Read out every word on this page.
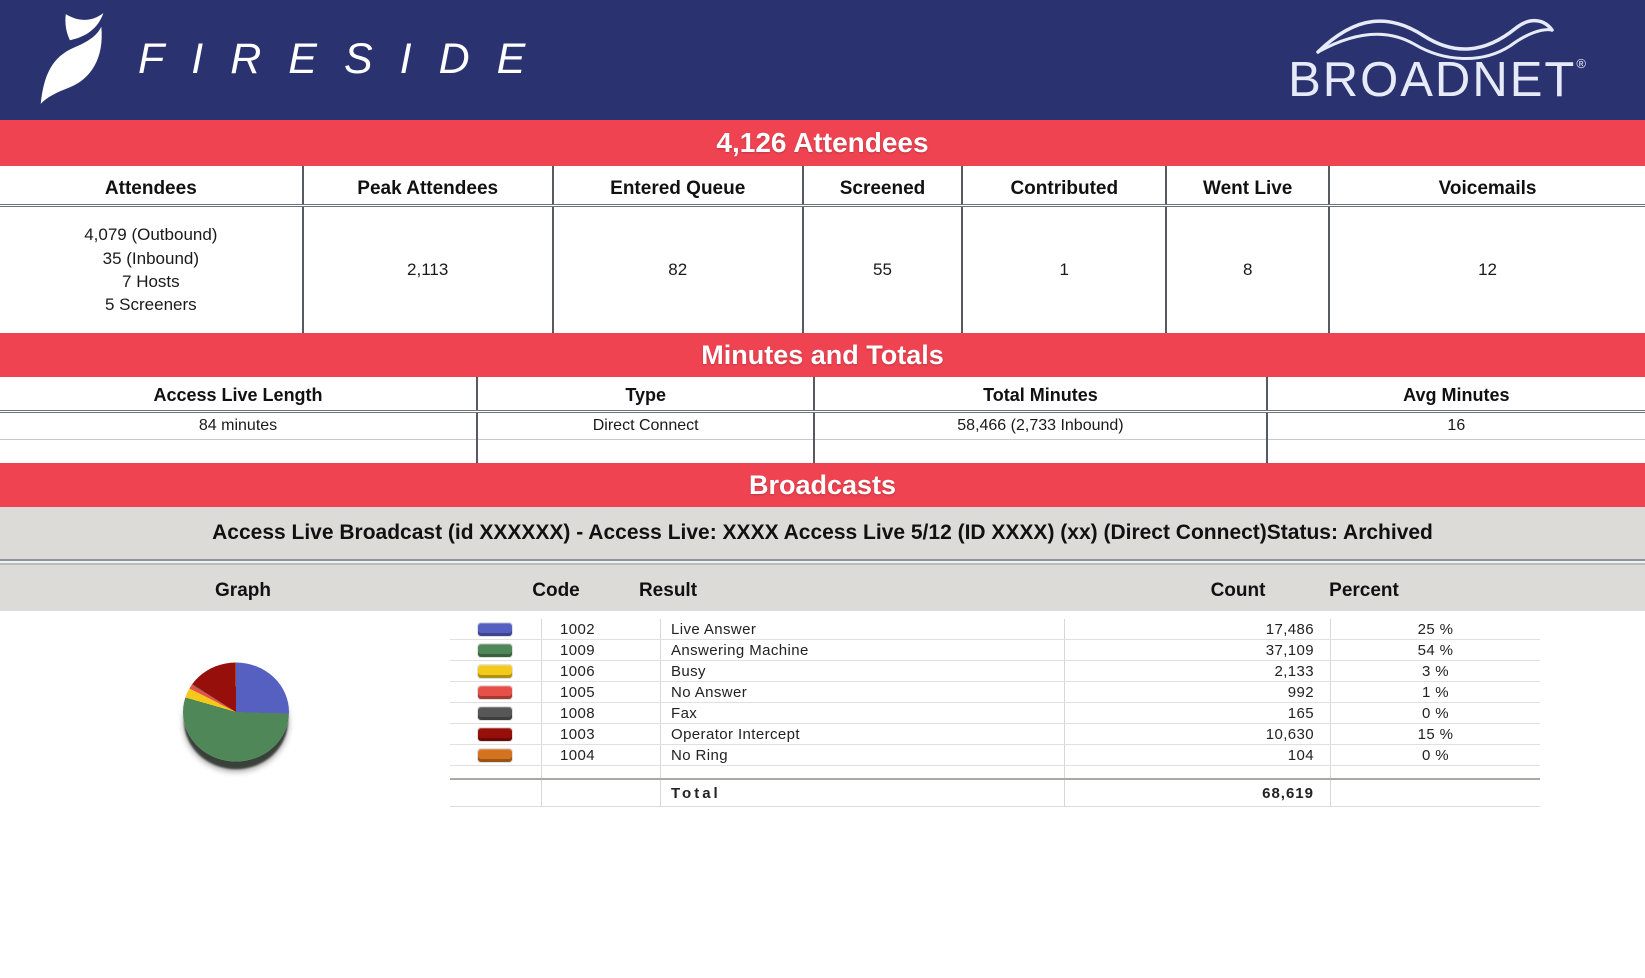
FIRESIDE	BROADNET®
4,126 Attendees
Attendees	Peak Attendees	Entered Queue	Screened	Contributed	Went Live	Voicemails

4,079 (Outbound)
35 (Inbound)
7 Hosts
5 Screeners	2,113	82	55	1	8	12
Minutes and Totals
Access Live Length	Type	Total Minutes	Avg Minutes
84 minutes	Direct Connect	58,466 (2,733 Inbound)	16

Broadcasts
Access Live Broadcast (id XXXXXX) - Access Live: XXXX Access Live 5/12 (ID XXXX) (xx) (Direct Connect)Status: Archived
Graph	Code	Result	Count	Percent
1002	Live Answer	17,486	25 %
1009	Answering Machine	37,109	54 %
1006	Busy	2,133	3 %
1005	No Answer	992	1 %
1008	Fax	165	0 %
1003	Operator Intercept	10,630	15 %
1004	No Ring	104	0 %
Total	68,619
